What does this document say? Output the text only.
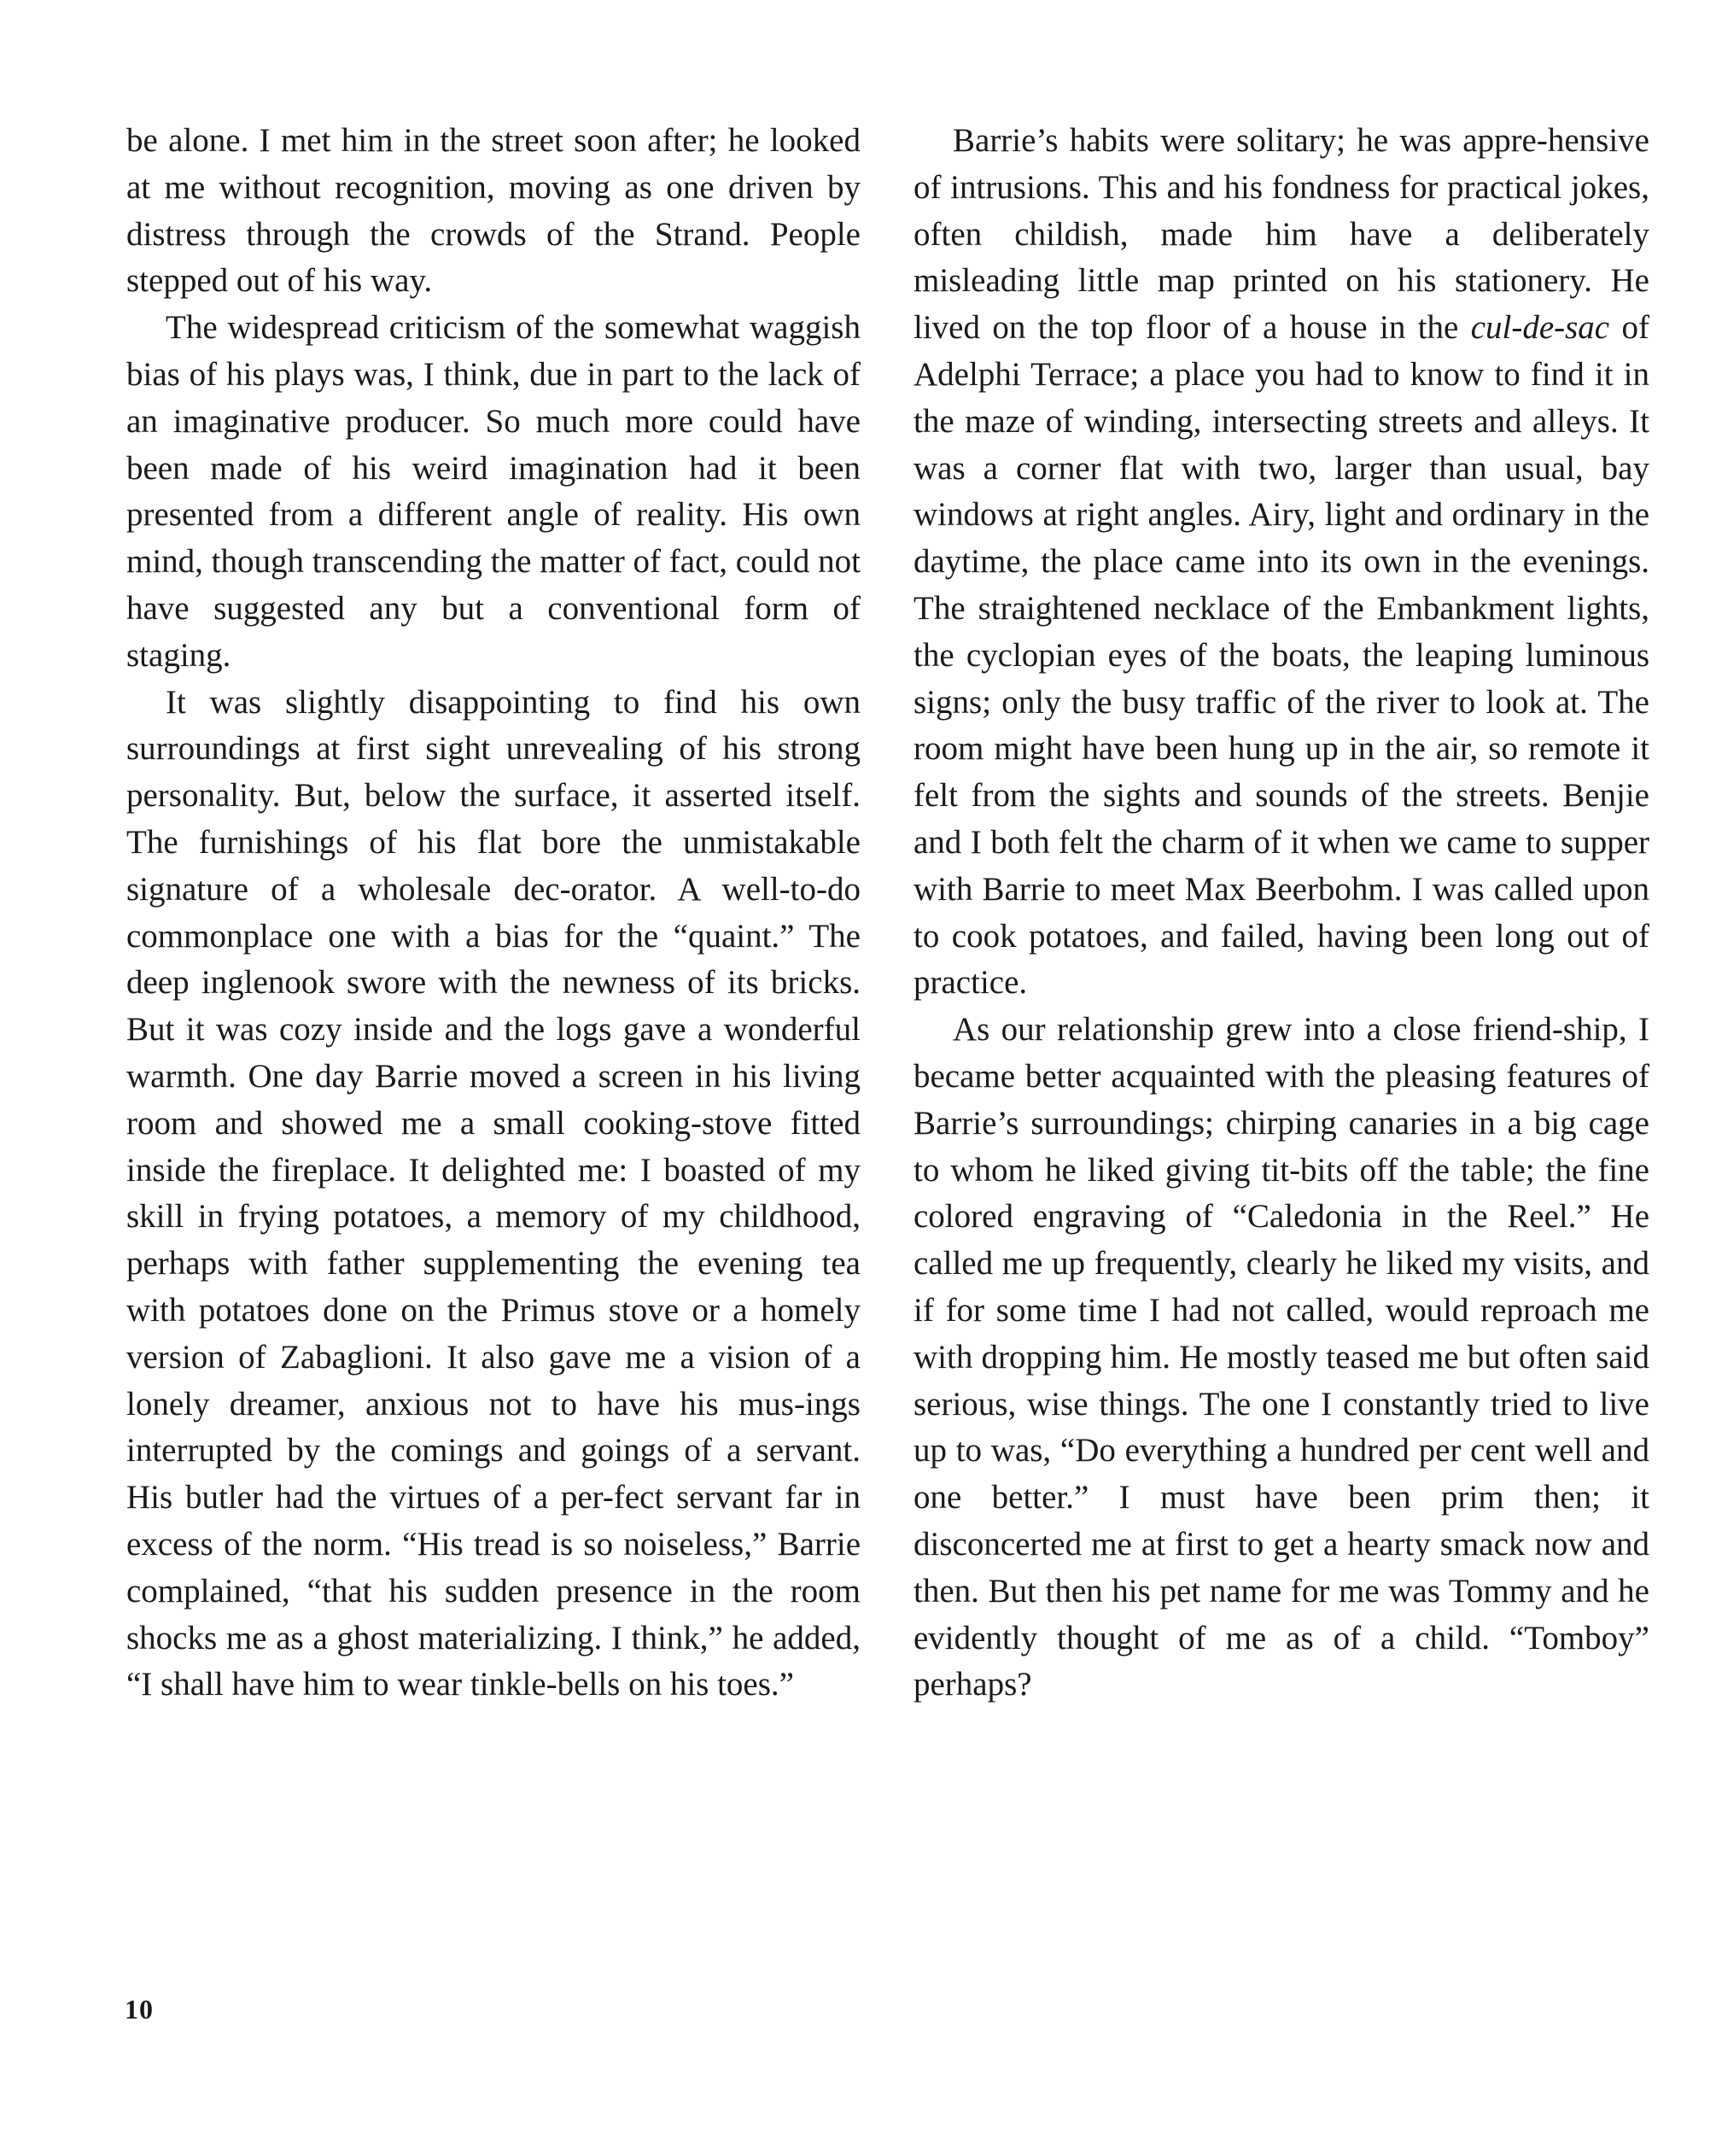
be alone. I met him in the street soon after; he looked at me without recognition, moving as one driven by distress through the crowds of the Strand. People stepped out of his way.

The widespread criticism of the somewhat waggish bias of his plays was, I think, due in part to the lack of an imaginative producer. So much more could have been made of his weird imagination had it been presented from a different angle of reality. His own mind, though transcending the matter of fact, could not have suggested any but a conventional form of staging.

It was slightly disappointing to find his own surroundings at first sight unrevealing of his strong personality. But, below the surface, it asserted itself. The furnishings of his flat bore the unmistakable signature of a wholesale dec-orator. A well-to-do commonplace one with a bias for the “quaint.” The deep inglenook swore with the newness of its bricks. But it was cozy inside and the logs gave a wonderful warmth. One day Barrie moved a screen in his living room and showed me a small cooking-stove fitted inside the fireplace. It delighted me: I boasted of my skill in frying potatoes, a memory of my childhood, perhaps with father supplementing the evening tea with potatoes done on the Primus stove or a homely version of Zabaglioni. It also gave me a vision of a lonely dreamer, anxious not to have his mus-ings interrupted by the comings and goings of a servant. His butler had the virtues of a per-fect servant far in excess of the norm. “His tread is so noiseless,” Barrie complained, “that his sudden presence in the room shocks me as a ghost materializing. I think,” he added, “I shall have him to wear tinkle-bells on his toes.”

Barrie’s habits were solitary; he was appre-hensive of intrusions. This and his fondness for practical jokes, often childish, made him have a deliberately misleading little map printed on his stationery. He lived on the top floor of a house in the cul-de-sac of Adelphi Terrace; a place you had to know to find it in the maze of winding, intersecting streets and alleys. It was a corner flat with two, larger than usual, bay windows at right angles. Airy, light and ordinary in the daytime, the place came into its own in the evenings. The straightened necklace of the Embankment lights, the cyclopian eyes of the boats, the leaping luminous signs; only the busy traffic of the river to look at. The room might have been hung up in the air, so remote it felt from the sights and sounds of the streets. Benjie and I both felt the charm of it when we came to supper with Barrie to meet Max Beerbohm. I was called upon to cook potatoes, and failed, having been long out of practice.

As our relationship grew into a close friend-ship, I became better acquainted with the pleasing features of Barrie’s surroundings; chirping canaries in a big cage to whom he liked giving tit-bits off the table; the fine colored engraving of “Caledonia in the Reel.” He called me up frequently, clearly he liked my visits, and if for some time I had not called, would reproach me with dropping him. He mostly teased me but often said serious, wise things. The one I constantly tried to live up to was, “Do everything a hundred per cent well and one better.” I must have been prim then; it disconcerted me at first to get a hearty smack now and then. But then his pet name for me was Tommy and he evidently thought of me as of a child. “Tomboy” perhaps?

10
